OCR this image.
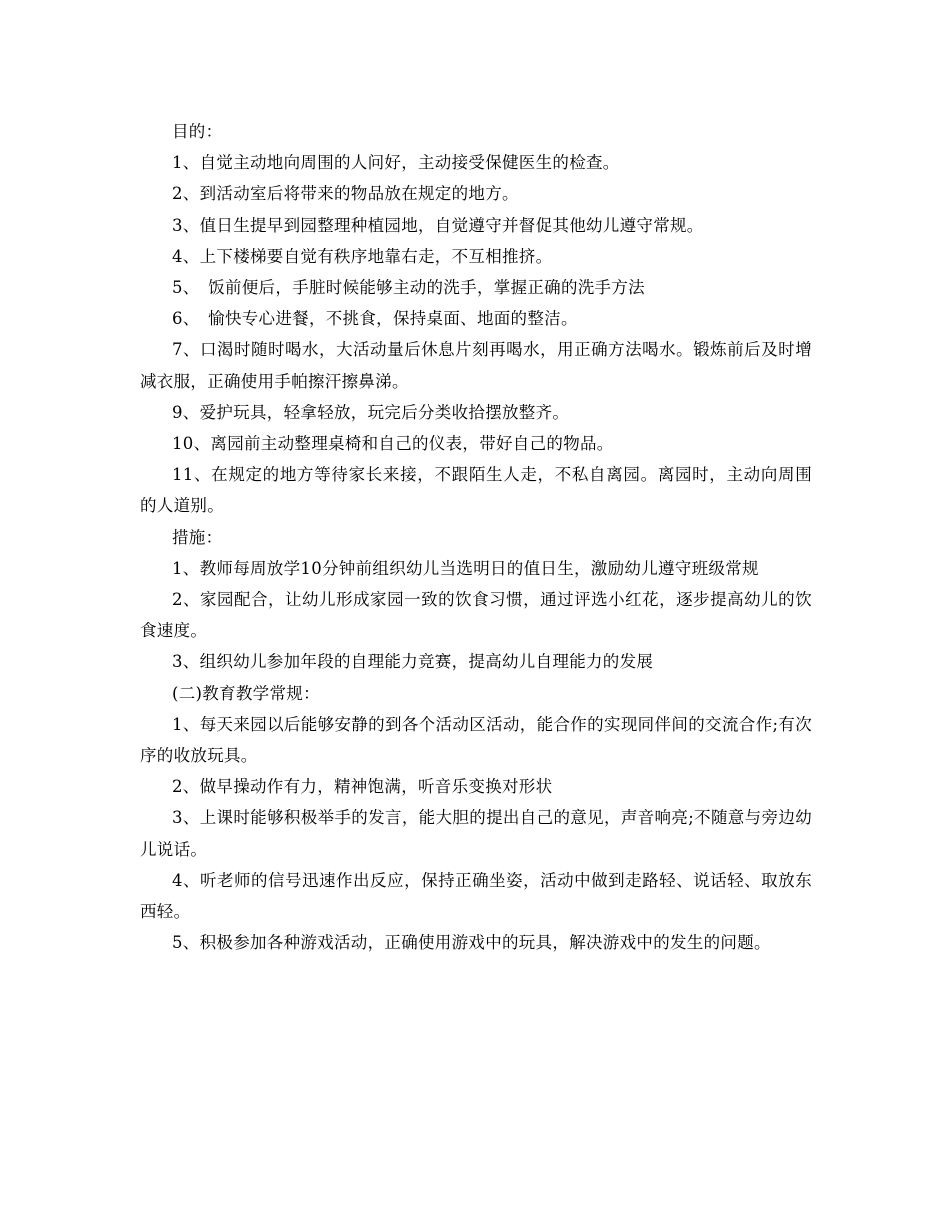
目的：

1、自觉主动地向周围的人问好，主动接受保健医生的检查。

2、到活动室后将带来的物品放在规定的地方。

3、值日生提早到园整理种植园地，自觉遵守并督促其他幼儿遵守常规。

4、上下楼梯要自觉有秩序地靠右走，不互相推挤。

5、　饭前便后，手脏时候能够主动的洗手，掌握正确的洗手方法

6、　愉快专心进餐，不挑食，保持桌面、地面的整洁。

7、口渴时随时喝水，大活动量后休息片刻再喝水，用正确方法喝水。锻炼前后及时增减衣服，正确使用手帕擦汗擦鼻涕。

9、爱护玩具，轻拿轻放，玩完后分类收拾摆放整齐。

10、离园前主动整理桌椅和自己的仪表，带好自己的物品。

11、在规定的地方等待家长来接，不跟陌生人走，不私自离园。离园时，主动向周围的人道别。

措施：

1、教师每周放学10分钟前组织幼儿当选明日的值日生，激励幼儿遵守班级常规

2、家园配合，让幼儿形成家园一致的饮食习惯，通过评选小红花，逐步提高幼儿的饮食速度。

3、组织幼儿参加年段的自理能力竞赛，提高幼儿自理能力的发展

(二)教育教学常规：

1、每天来园以后能够安静的到各个活动区活动，能合作的实现同伴间的交流合作;有次序的收放玩具。

2、做早操动作有力，精神饱满，听音乐变换对形状

3、上课时能够积极举手的发言，能大胆的提出自己的意见，声音响亮;不随意与旁边幼儿说话。

4、听老师的信号迅速作出反应，保持正确坐姿，活动中做到走路轻、说话轻、取放东西轻。

5、积极参加各种游戏活动，正确使用游戏中的玩具，解决游戏中的发生的问题。
